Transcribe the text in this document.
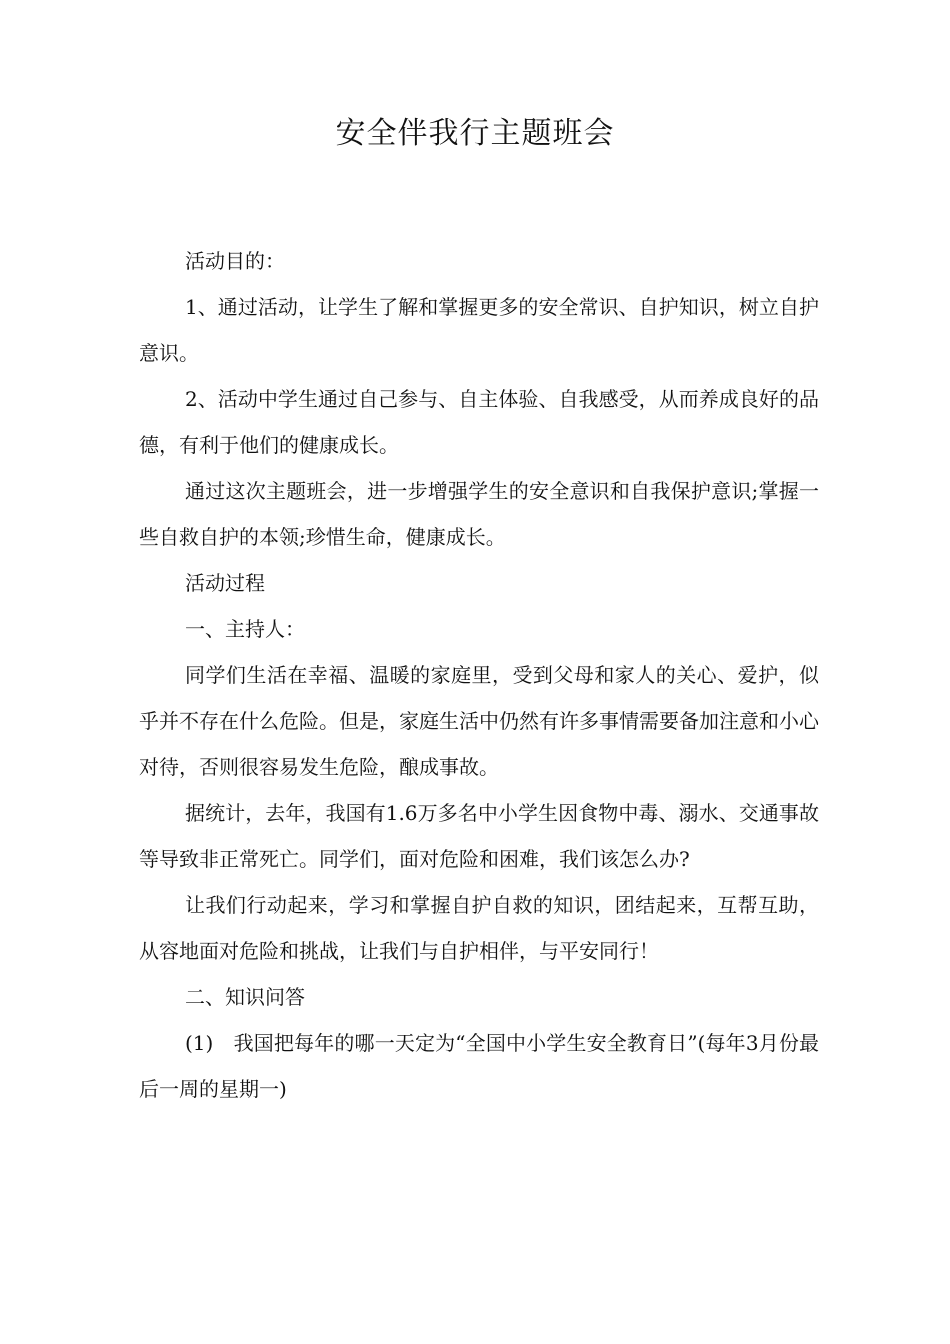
安全伴我行主题班会

活动目的：

1、通过活动，让学生了解和掌握更多的安全常识、自护知识，树立自护意识。

2、活动中学生通过自己参与、自主体验、自我感受，从而养成良好的品德，有利于他们的健康成长。

通过这次主题班会，进一步增强学生的安全意识和自我保护意识;掌握一些自救自护的本领;珍惜生命，健康成长。

活动过程

一、主持人：

同学们生活在幸福、温暖的家庭里，受到父母和家人的关心、爱护，似乎并不存在什么危险。但是，家庭生活中仍然有许多事情需要备加注意和小心对待，否则很容易发生危险，酿成事故。

据统计，去年，我国有1.6万多名中小学生因食物中毒、溺水、交通事故等导致非正常死亡。同学们，面对危险和困难，我们该怎么办?

让我们行动起来，学习和掌握自护自救的知识，团结起来，互帮互助，从容地面对危险和挑战，让我们与自护相伴，与平安同行！

二、知识问答

(1)　我国把每年的哪一天定为“全国中小学生安全教育日”(每年3月份最后一周的星期一)
